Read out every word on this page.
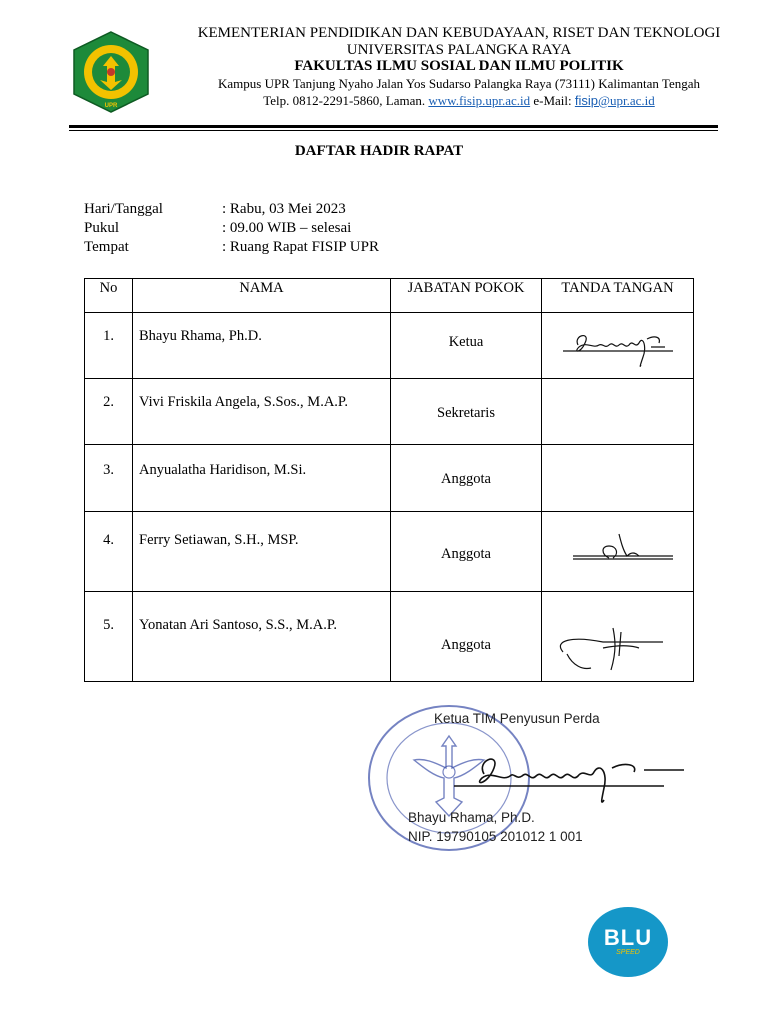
UPR
KEMENTERIAN PENDIDIKAN DAN KEBUDAYAAN, RISET DAN TEKNOLOGI
UNIVERSITAS PALANGKA RAYA
FAKULTAS ILMU SOSIAL DAN ILMU POLITIK
Kampus UPR Tanjung Nyaho Jalan Yos Sudarso Palangka Raya (73111) Kalimantan Tengah
Telp. 0812-2291-5860, Laman. www.fisip.upr.ac.id e-Mail: fisip@upr.ac.id
DAFTAR HADIR RAPAT
Hari/Tanggal	: Rabu, 03 Mei 2023
Pukul	: 09.00 WIB – selesai
Tempat	: Ruang Rapat FISIP UPR
No	NAMA	JABATAN POKOK	TANDA TANGAN
1.	Bhayu Rhama, Ph.D.	Ketua	
2.	Vivi Friskila Angela, S.Sos., M.A.P.	Sekretaris	
3.	Anyualatha Haridison, M.Si.	Anggota	
4.	Ferry Setiawan, S.H., MSP.	Anggota	
5.	Yonatan Ari Santoso, S.S., M.A.P.	Anggota	
Ketua TIM Penyusun Perda
Bhayu Rhama, Ph.D.
NIP. 19790105 201012 1 001
BLU
SPEED
